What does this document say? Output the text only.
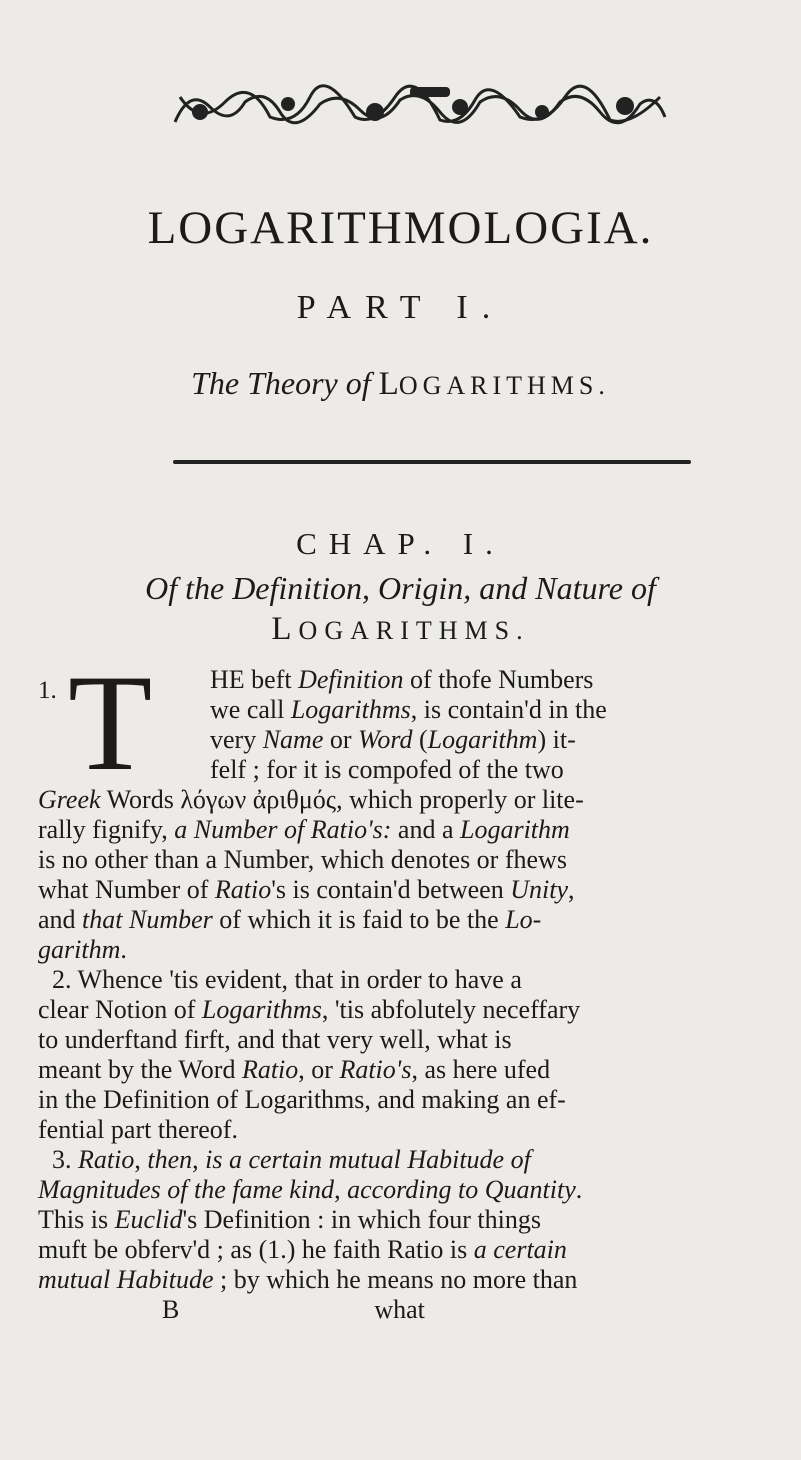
LOGARITHMOLOGIA.
PART I.
The Theory of LOGARITHMS.
CHAP. I.
Of the Definition, Origin, and Nature of
LOGARITHMS.
1. T HE beft Definition of thofe Numbers
we call Logarithms, is contain'd in the
very Name or Word (Logarithm) it-
felf ; for it is compofed of the two
Greek Words λόγων ἀριθμός, which properly or lite-
rally fignify, a Number of Ratio's: and a Logarithm
is no other than a Number, which denotes or fhews
what Number of Ratio's is contain'd between Unity,
and that Number of which it is faid to be the Lo-
garithm.
2. Whence 'tis evident, that in order to have a
clear Notion of Logarithms, 'tis abfolutely neceffary
to underftand firft, and that very well, what is
meant by the Word Ratio, or Ratio's, as here ufed
in the Definition of Logarithms, and making an ef-
fential part thereof.
3. Ratio, then, is a certain mutual Habitude of
Magnitudes of the fame kind, according to Quantity.
This is Euclid's Definition : in which four things
muft be obferv'd ; as (1.) he faith Ratio is a certain
mutual Habitude ; by which he means no more than
B                              what
